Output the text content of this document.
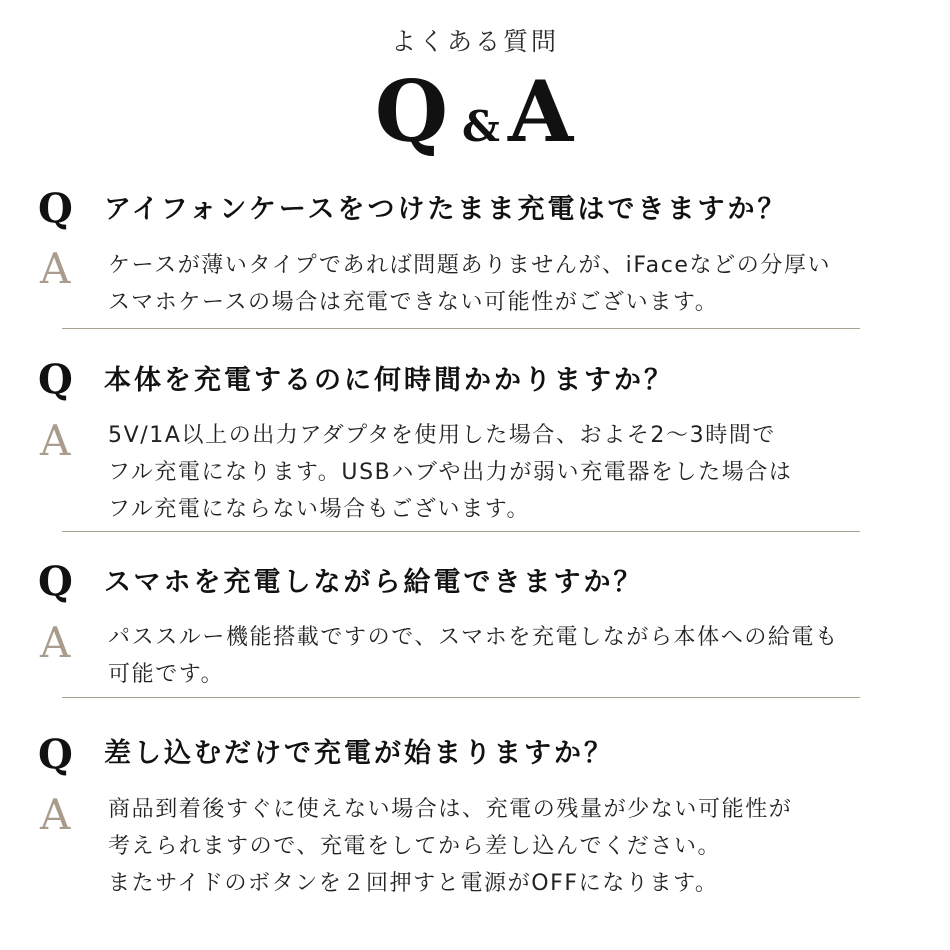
よくある質問
Q &A
Q アイフォンケースをつけたまま充電はできますか？
A ケースが薄いタイプであれば問題ありませんが、iFaceなどの分厚い
スマホケースの場合は充電できない可能性がございます。
Q 本体を充電するのに何時間かかりますか？
A 5V/1A以上の出力アダプタを使用した場合、およそ2～3時間で
フル充電になります。USBハブや出力が弱い充電器をした場合は
フル充電にならない場合もございます。
Q スマホを充電しながら給電できますか？
A パススルー機能搭載ですので、スマホを充電しながら本体への給電も
可能です。
Q 差し込むだけで充電が始まりますか？
A 商品到着後すぐに使えない場合は、充電の残量が少ない可能性が
考えられますので、充電をしてから差し込んでください。
またサイドのボタンを２回押すと電源がOFFになります。
